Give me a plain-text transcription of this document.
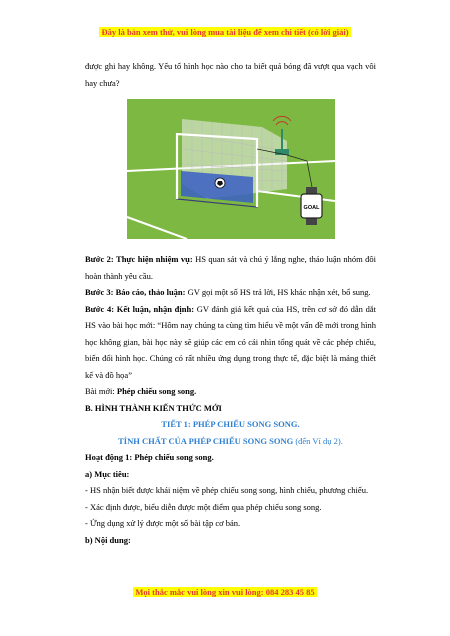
Đây là bản xem thử, vui lòng mua tài liệu để xem chi tiết (có lời giải)

được ghi hay không. Yếu tố hình học nào cho ta biết quả bóng đã vượt qua vạch vôi hay chưa?

GOAL

Bước 2: Thực hiện nhiệm vụ: HS quan sát và chú ý lắng nghe, thảo luận nhóm đôi hoàn thành yêu cầu.

Bước 3: Báo cáo, thảo luận: GV gọi một số HS trả lời, HS khác nhận xét, bổ sung.

Bước 4: Kết luận, nhận định: GV đánh giá kết quả của HS, trên cơ sở đó dẫn dắt HS vào bài học mới: “Hôm nay chúng ta cùng tìm hiểu về một vấn đề mới trong hình học không gian, bài học này sẽ giúp các em có cái nhìn tổng quát về các phép chiếu, biến đổi hình học. Chúng có rất nhiều ứng dụng trong thực tế, đặc biệt là mảng thiết kế và đồ họa”

Bài mới: Phép chiếu song song.

B. HÌNH THÀNH KIẾN THỨC MỚI

TIẾT 1: PHÉP CHIẾU SONG SONG.

TÍNH CHẤT CỦA PHÉP CHIẾU SONG SONG (đến Ví dụ 2).

Hoạt động 1: Phép chiếu song song.

a) Mục tiêu:

- HS nhận biết được khái niệm về phép chiếu song song, hình chiếu, phương chiếu.

- Xác định được, biểu diễn được một điểm qua phép chiếu song song.

- Ứng dụng xử lý được một số bài tập cơ bản.

b) Nội dung:

Mọi thắc mắc vui lòng xin vui lòng: 084 283 45 85
